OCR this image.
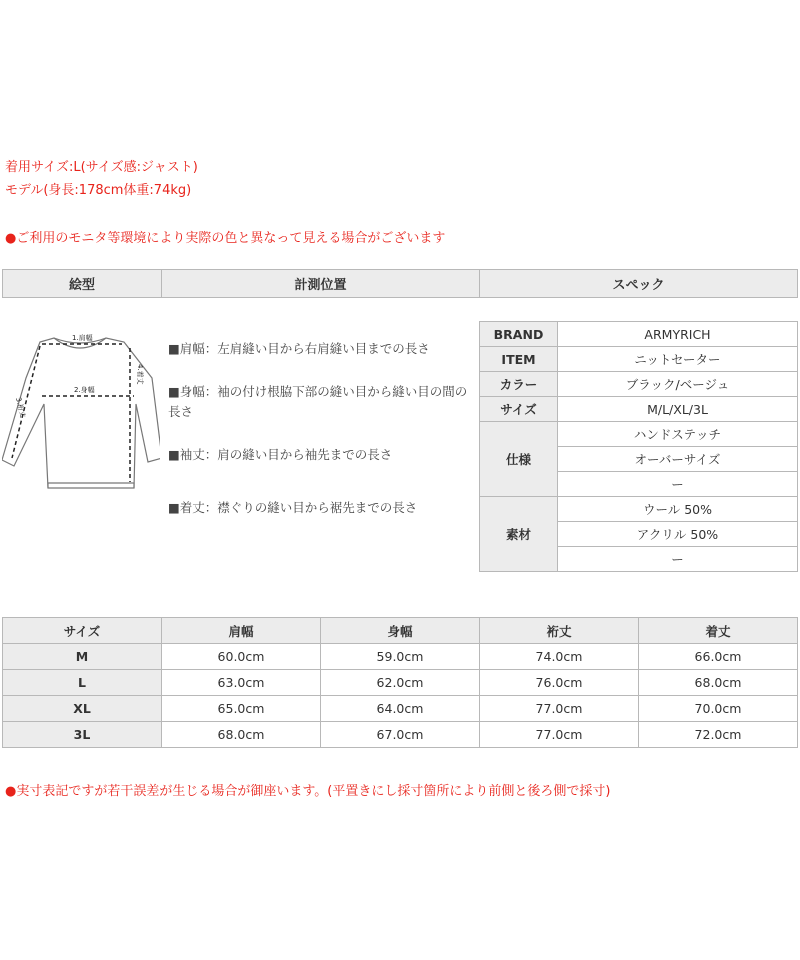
着用サイズ:L(サイズ感:ジャスト)
モデル(身長:178cm体重:74kg)
●ご利用のモニタ等環境により実際の色と異なって見える場合がございます
絵型	計測位置	スペック
1.肩幅
2.身幅
4.着丈
3.裄丈
■肩幅：左肩縫い目から右肩縫い目までの長さ
■身幅：袖の付け根脇下部の縫い目から縫い目の間の長さ
■袖丈：肩の縫い目から袖先までの長さ
■着丈：襟ぐりの縫い目から裾先までの長さ
BRAND	ARMYRICH
ITEM	ニットセーター
カラー	ブラック/ベージュ
サイズ	M/L/XL/3L
仕様	ハンドステッチ
	オーバーサイズ
	ー
素材	ウール 50%
	アクリル 50%
	ー
サイズ	肩幅	身幅	裄丈	着丈
M	60.0cm	59.0cm	74.0cm	66.0cm
L	63.0cm	62.0cm	76.0cm	68.0cm
XL	65.0cm	64.0cm	77.0cm	70.0cm
3L	68.0cm	67.0cm	77.0cm	72.0cm
●実寸表記ですが若干誤差が生じる場合が御座います。(平置きにし採寸箇所により前側と後ろ側で採寸)
